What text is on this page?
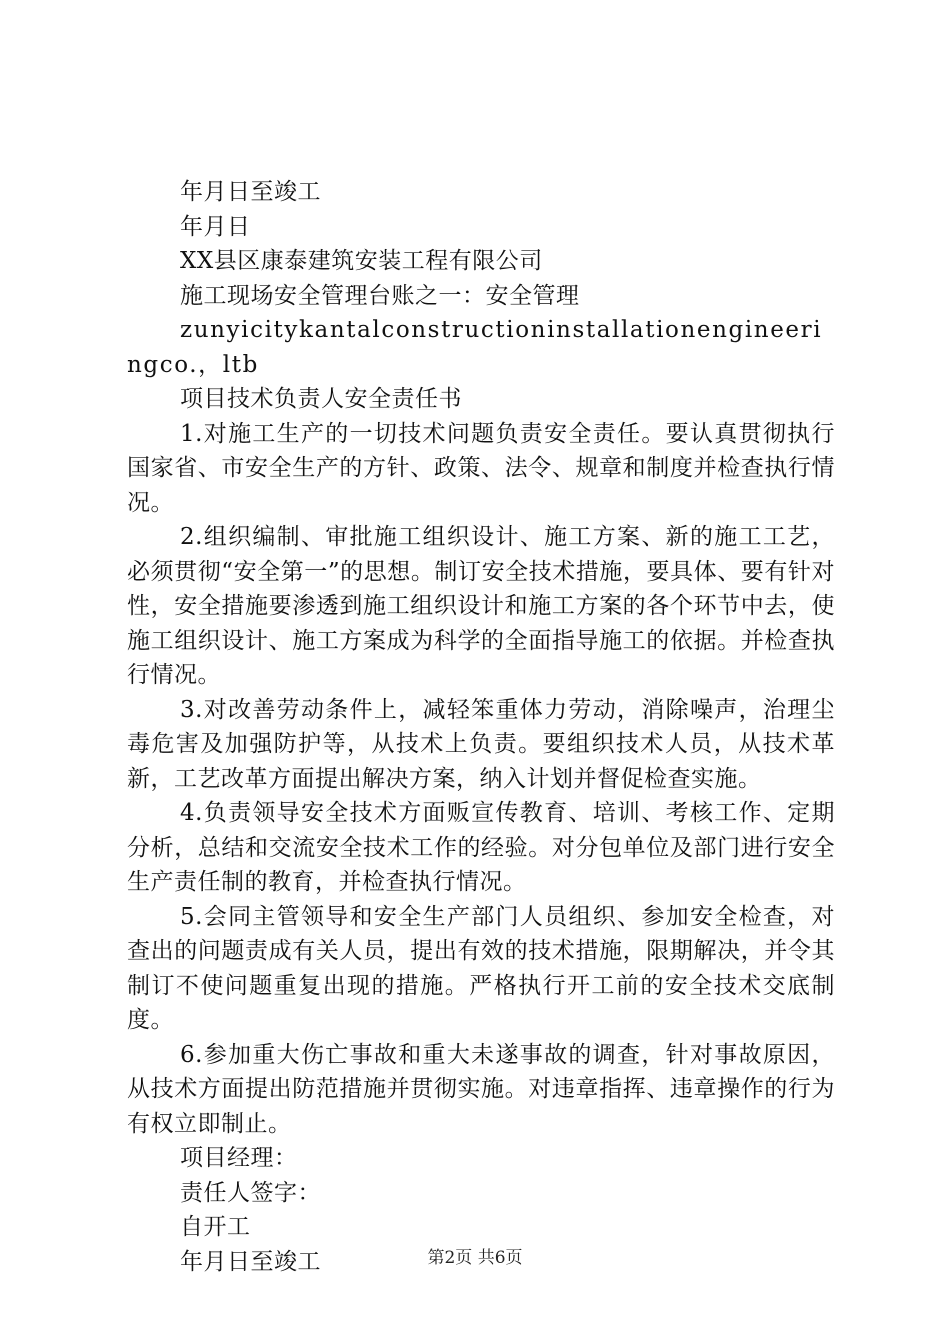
年月日至竣工
年月日
XX县区康泰建筑安装工程有限公司
施工现场安全管理台账之一：安全管理
zunyicitykantalconstructioninstallationengineeringco.，ltb
项目技术负责人安全责任书
1.对施工生产的一切技术问题负责安全责任。要认真贯彻执行国家省、市安全生产的方针、政策、法令、规章和制度并检查执行情况。
2.组织编制、审批施工组织设计、施工方案、新的施工工艺，必须贯彻“安全第一”的思想。制订安全技术措施，要具体、要有针对性，安全措施要渗透到施工组织设计和施工方案的各个环节中去，使施工组织设计、施工方案成为科学的全面指导施工的依据。并检查执行情况。
3.对改善劳动条件上，减轻笨重体力劳动，消除噪声，治理尘毒危害及加强防护等，从技术上负责。要组织技术人员，从技术革新，工艺改革方面提出解决方案，纳入计划并督促检查实施。
4.负责领导安全技术方面贩宣传教育、培训、考核工作、定期分析，总结和交流安全技术工作的经验。对分包单位及部门进行安全生产责任制的教育，并检查执行情况。
5.会同主管领导和安全生产部门人员组织、参加安全检查，对查出的问题责成有关人员，提出有效的技术措施，限期解决，并令其制订不使问题重复出现的措施。严格执行开工前的安全技术交底制度。
6.参加重大伤亡事故和重大未遂事故的调查，针对事故原因，从技术方面提出防范措施并贯彻实施。对违章指挥、违章操作的行为有权立即制止。
项目经理：
责任人签字：
自开工
年月日至竣工	第2页 共6页
